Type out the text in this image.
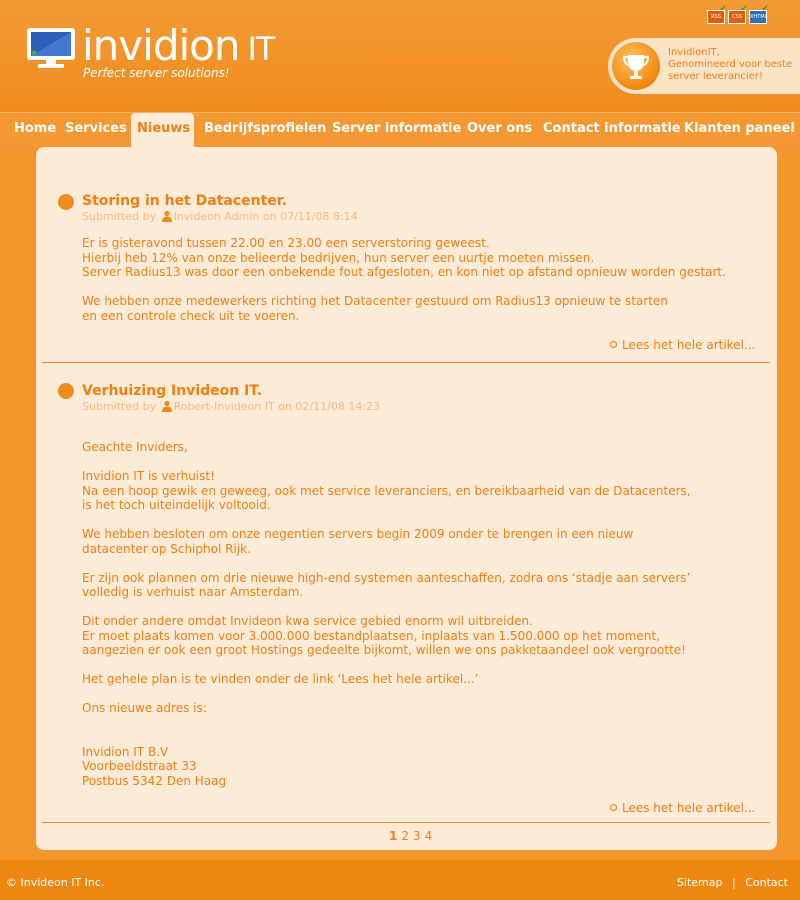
invidion IT
Perfect server solutions!
RSS
✔
CSS
✔
XHTML
✔
InvidionIT,
Genomineerd voor beste
server leverancier!
Home Services Nieuws Bedrijfsprofielen Server informatie Over ons Contact informatie Klanten paneel
Storing in het Datacenter.
Submitted by Invideon Admin on 07/11/08 8:14

Er is gisteravond tussen 22.00 en 23.00 een serverstoring geweest.

Hierbij heb 12% van onze belieerde bedrijven, hun server een uurtje moeten missen.

Server Radius13 was door een onbekende fout afgesloten, en kon niet op afstand opnieuw worden gestart.

We hebben onze medewerkers richting het Datacenter gestuurd om Radius13 opnieuw te starten

en een controle check uit te voeren.

Lees het hele artikel...
Verhuizing Invideon IT.
Submitted by Robert-Invideon IT on 02/11/08 14:23

Geachte Inviders,

Invidion IT is verhuist!

Na een hoop gewik en geweeg, ook met service leveranciers, en bereikbaarheid van de Datacenters,

is het toch uiteindelijk voltooid.

We hebben besloten om onze negentien servers begin 2009 onder te brengen in een nieuw

datacenter op Schiphol Rijk.

Er zijn ook plannen om drie nieuwe high-end systemen aanteschaffen, zodra ons ‘stadje aan servers’

volledig is verhuist naar Amsterdam.

Dit onder andere omdat Invideon kwa service gebied enorm wil uitbreiden.

Er moet plaats komen voor 3.000.000 bestandplaatsen, inplaats van 1.500.000 op het moment,

aangezien er ook een groot Hostings gedeelte bijkomt, willen we ons pakketaandeel ook vergrootte!

Het gehele plan is te vinden onder de link ‘Lees het hele artikel...’

Ons nieuwe adres is:

Invidion IT B.V

Voorbeeldstraat 33

Postbus 5342 Den Haag

Lees het hele artikel...
1 2 3 4
© Invideon IT Inc.	Sitemap | Contact
